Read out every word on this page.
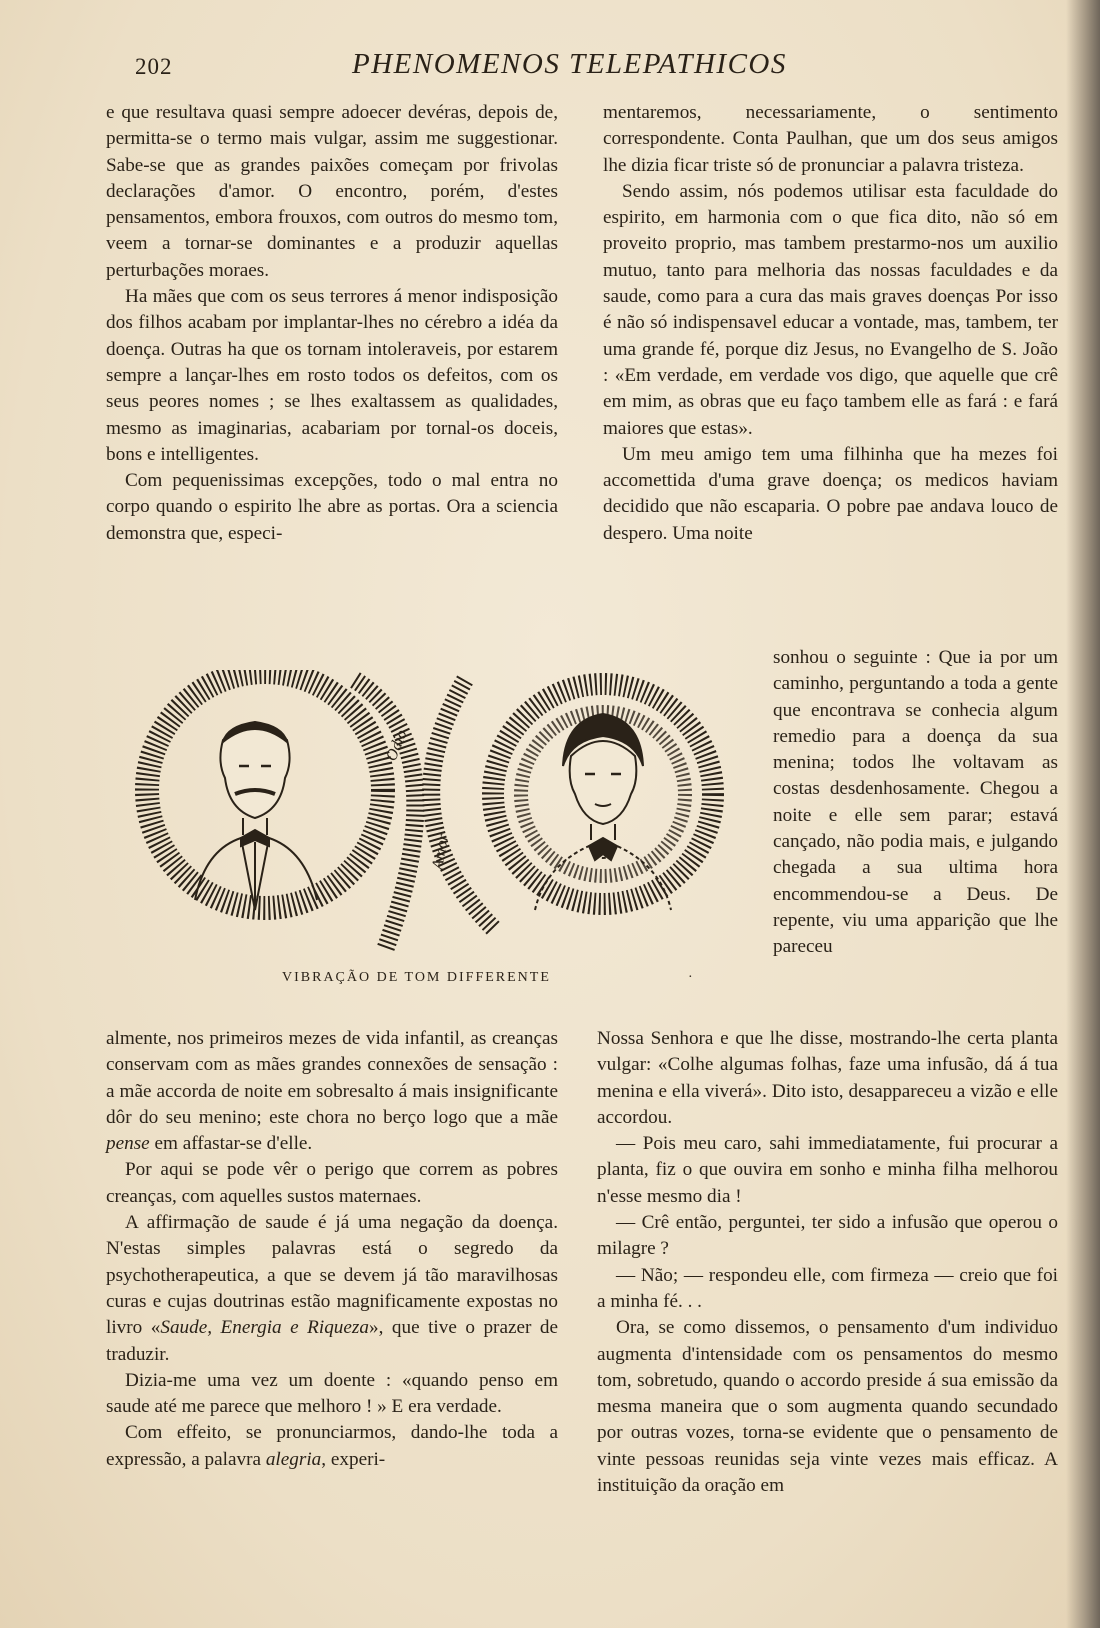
202	PHENOMENOS TELEPATHICOS

e que resultava quasi sempre adoecer devéras, depois de, permitta-se o termo mais vulgar, assim me suggestionar. Sabe-se que as grandes paixões começam por frivolas declarações d'amor. O encontro, porém, d'estes pensamentos, embora frouxos, com outros do mesmo tom, veem a tornar-se dominantes e a produzir aquellas perturbações moraes.

Ha mães que com os seus terrores á menor indisposição dos filhos acabam por implantar-lhes no cérebro a idéa da doença. Outras ha que os tornam intoleraveis, por estarem sempre a lançar-lhes em rosto todos os defeitos, com os seus peores nomes ; se lhes exaltassem as qualidades, mesmo as imaginarias, acabariam por tornal-os doceis, bons e intelligentes.

Com pequenissimas excepções, todo o mal entra no corpo quando o espirito lhe abre as portas. Ora a sciencia demonstra que, especi-

mentaremos, necessariamente, o sentimento correspondente. Conta Paulhan, que um dos seus amigos lhe dizia ficar triste só de pronunciar a palavra tristeza.

Sendo assim, nós podemos utilisar esta faculdade do espirito, em harmonia com o que fica dito, não só em proveito proprio, mas tambem prestarmo-nos um auxilio mutuo, tanto para melhoria das nossas faculdades e da saude, como para a cura das mais graves doenças Por isso é não só indispensavel educar a vontade, mas, tambem, ter uma grande fé, porque diz Jesus, no Evangelho de S. João : «Em verdade, em verdade vos digo, que aquelle que crê em mim, as obras que eu faço tambem elle as fará : e fará maiores que estas».

Um meu amigo tem uma filhinha que ha mezes foi accomettida d'uma grave doença; os medicos haviam decidido que não escaparia. O pobre pae andava louco de despero. Uma noite

sonhou o seguinte : Que ia por um caminho, perguntando a toda a gente que encontrava se conhecia algum remedio para a doença da sua menina; todos lhe voltavam as costas desdenhosamente. Chegou a noite e elle sem parar; estavá cançado, não podia mais, e julgando chegada a sua ultima hora encommendou-se a Deus. De repente, viu uma apparição que lhe pareceu

Odio
Amor
VIBRAÇÃO DE TOM DIFFERENTE	·

almente, nos primeiros mezes de vida infantil, as creanças conservam com as mães grandes connexões de sensação : a mãe accorda de noite em sobresalto á mais insignificante dôr do seu menino; este chora no berço logo que a mãe pense em affastar-se d'elle.

Por aqui se pode vêr o perigo que correm as pobres creanças, com aquelles sustos maternaes.

A affirmação de saude é já uma negação da doença. N'estas simples palavras está o segredo da psychotherapeutica, a que se devem já tão maravilhosas curas e cujas doutrinas estão magnificamente expostas no livro «Saude, Energia e Riqueza», que tive o prazer de traduzir.

Dizia-me uma vez um doente : «quando penso em saude até me parece que melhoro ! » E era verdade.

Com effeito, se pronunciarmos, dando-lhe toda a expressão, a palavra alegria, experi-

Nossa Senhora e que lhe disse, mostrando-lhe certa planta vulgar: «Colhe algumas folhas, faze uma infusão, dá á tua menina e ella viverá». Dito isto, desappareceu a vizão e elle accordou.

— Pois meu caro, sahi immediatamente, fui procurar a planta, fiz o que ouvira em sonho e minha filha melhorou n'esse mesmo dia !

— Crê então, perguntei, ter sido a infusão que operou o milagre ?

— Não; — respondeu elle, com firmeza — creio que foi a minha fé. . .

Ora, se como dissemos, o pensamento d'um individuo augmenta d'intensidade com os pensamentos do mesmo tom, sobretudo, quando o accordo preside á sua emissão da mesma maneira que o som augmenta quando secundado por outras vozes, torna-se evidente que o pensamento de vinte pessoas reunidas seja vinte vezes mais efficaz. A instituição da oração em
